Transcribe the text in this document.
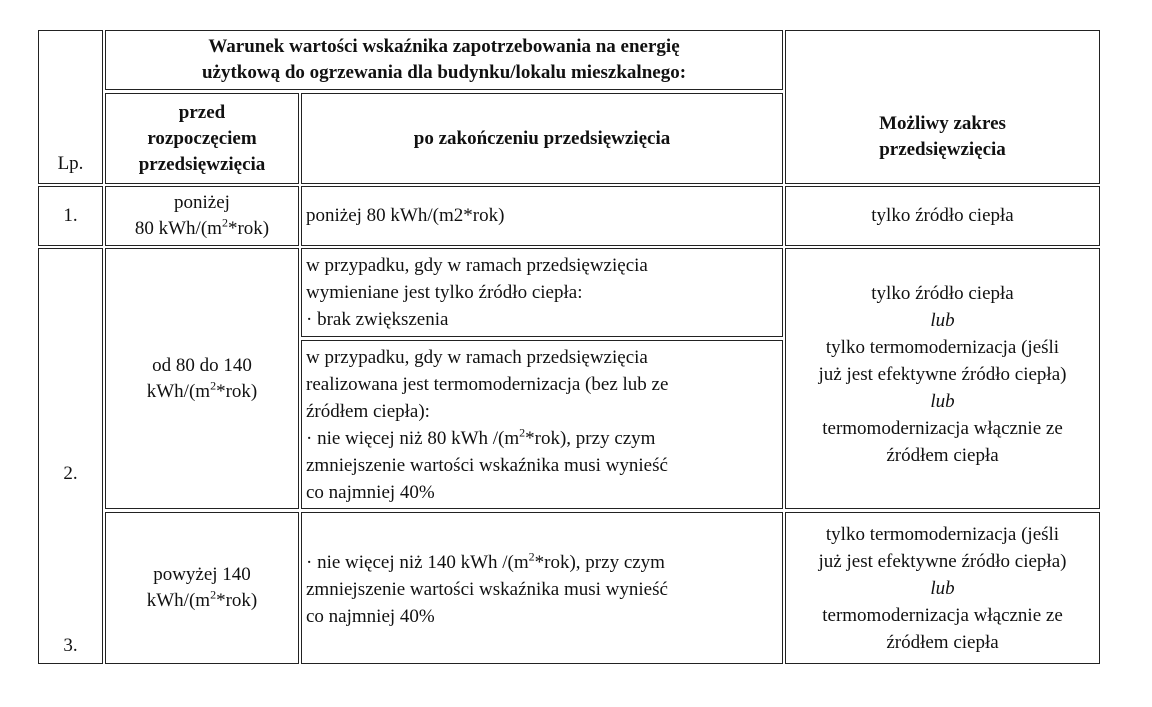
Lp.
Warunek wartości wskaźnika zapotrzebowania na energię
użytkową do ogrzewania dla budynku/lokalu mieszkalnego:
przed
rozpoczęciem
przedsięwzięcia
po zakończeniu przedsięwzięcia
Możliwy zakres
przedsięwzięcia
1.
poniżej
80 kWh/$(m^2*rok)$
poniżej 80 kWh/(m2*rok)	tylko źródło ciepła
2.
3.
od 80 do 140
kWh/$(m^2*rok)$
w przypadku, gdy w ramach przedsięwzięcia
wymieniane jest tylko źródło ciepła:
· brak zwiększenia
w przypadku, gdy w ramach przedsięwzięcia
realizowana jest termomodernizacja (bez lub ze
źródłem ciepła):
· nie więcej niż 80 kWh $/(m^2*rok)$, przy czym
zmniejszenie wartości wskaźnika musi wynieść
co najmniej 40%
tylko źródło ciepła
lub
tylko termomodernizacja (jeśli
już jest efektywne źródło ciepła)
lub
termomodernizacja włącznie ze
źródłem ciepła
powyżej 140
kWh/$(m^2*rok)$
· nie więcej niż 140 kWh $/(m^2*rok)$, przy czym
zmniejszenie wartości wskaźnika musi wynieść
co najmniej 40%
tylko termomodernizacja (jeśli
już jest efektywne źródło ciepła)
lub
termomodernizacja włącznie ze
źródłem ciepła
